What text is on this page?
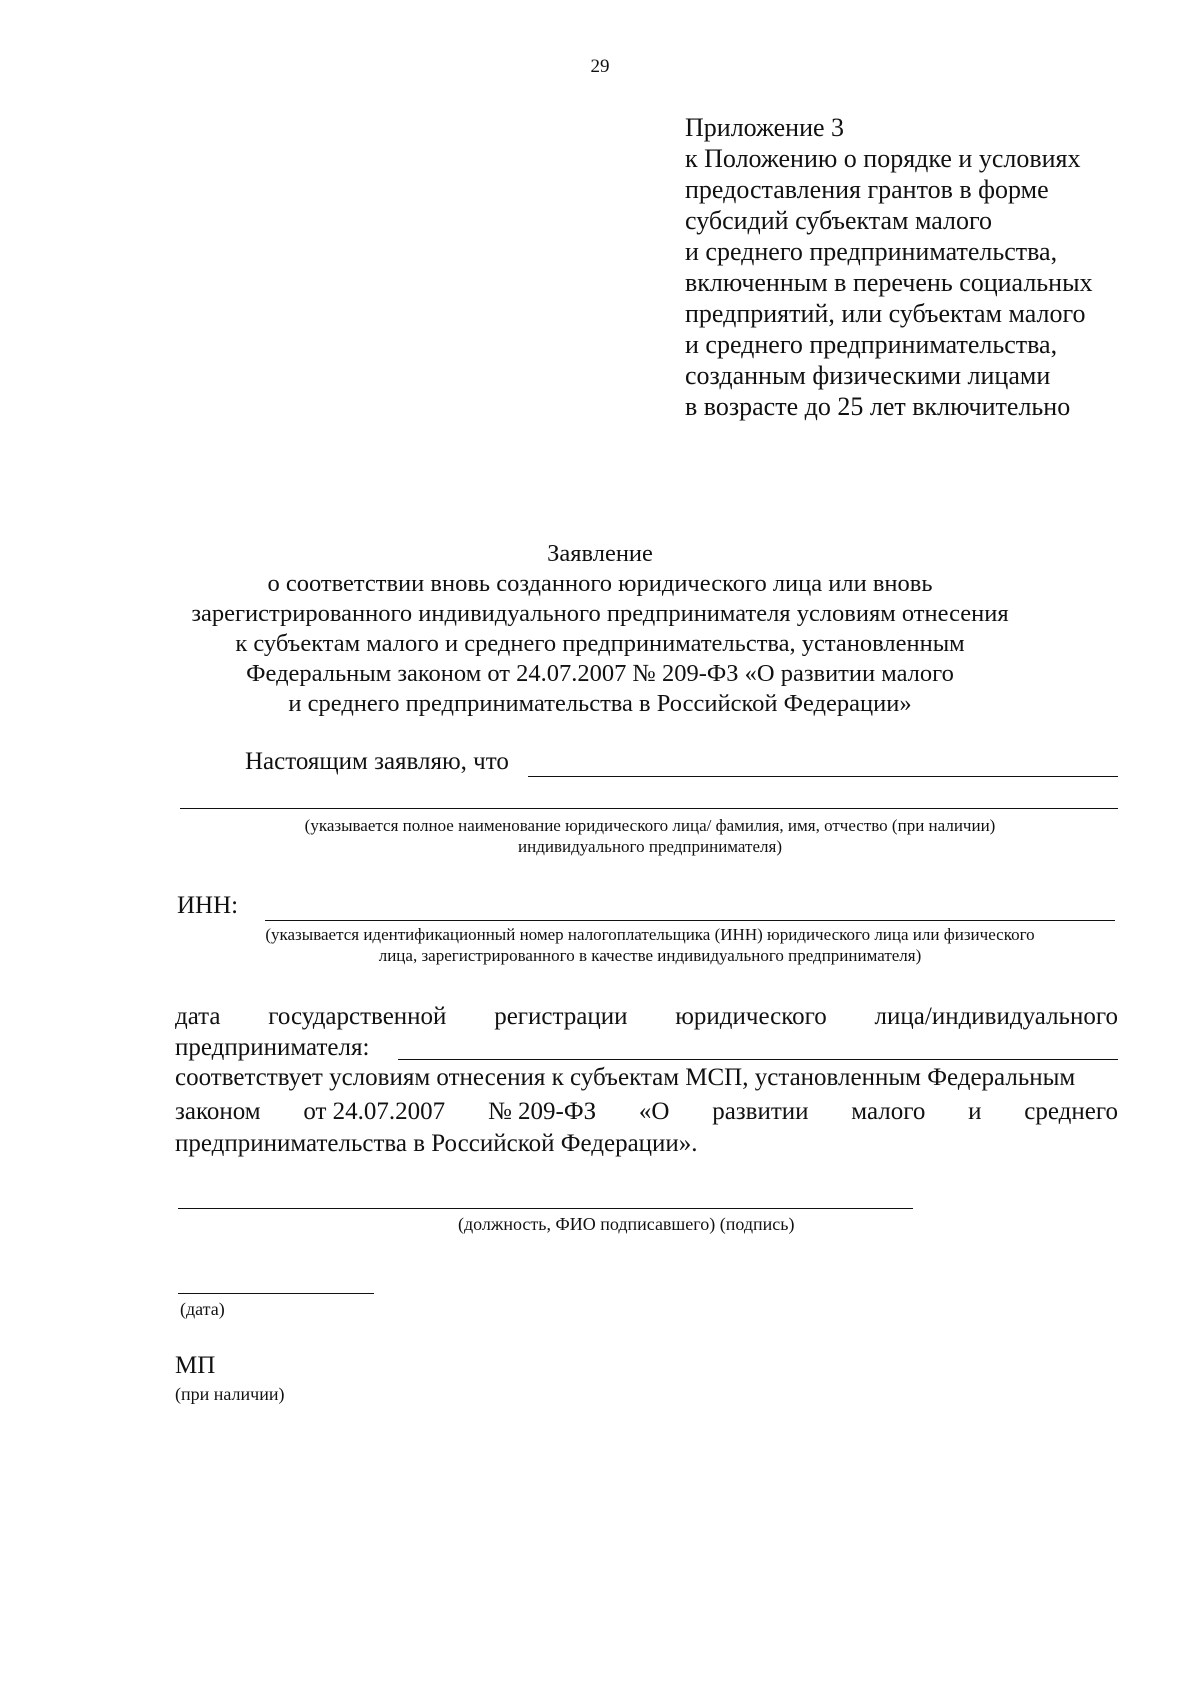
29
Приложение 3
к Положению о порядке и условиях
предоставления грантов в форме
субсидий субъектам малого
и среднего предпринимательства,
включенным в перечень социальных
предприятий, или субъектам малого
и среднего предпринимательства,
созданным физическими лицами
в возрасте до 25 лет включительно
Заявление
о соответствии вновь созданного юридического лица или вновь
зарегистрированного индивидуального предпринимателя условиям отнесения
к субъектам малого и среднего предпринимательства, установленным
Федеральным законом от 24.07.2007 № 209-ФЗ «О развитии малого
и среднего предпринимательства в Российской Федерации»
Настоящим заявляю, что
(указывается полное наименование юридического лица/ фамилия, имя, отчество (при наличии)
индивидуального предпринимателя)
ИНН:
(указывается идентификационный номер налогоплательщика (ИНН) юридического лица или физического
лица, зарегистрированного в качестве индивидуального предпринимателя)
дата государственной регистрации юридического лица/индивидуального
предпринимателя:
соответствует условиям отнесения к субъектам МСП, установленным Федеральным
законом от 24.07.2007 № 209-ФЗ «О развитии малого и среднего
предпринимательства в Российской Федерации».
(должность, ФИО подписавшего) (подпись)
(дата)
МП
(при наличии)
